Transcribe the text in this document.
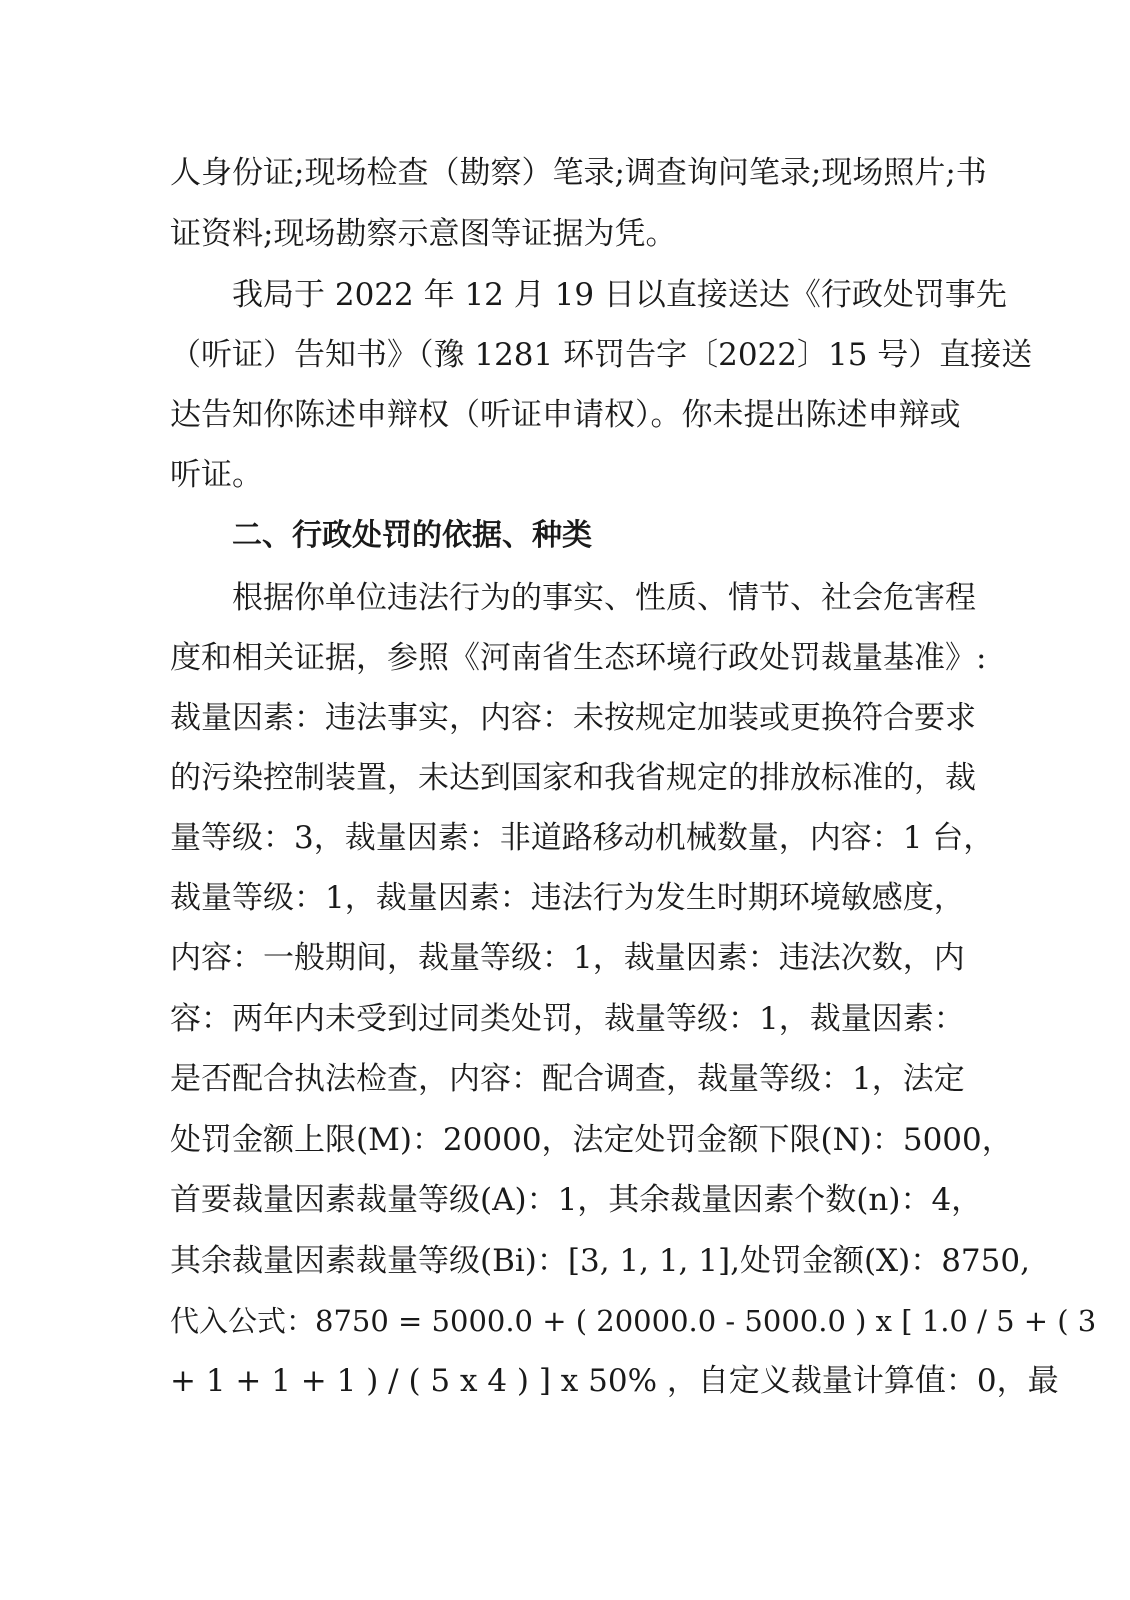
人身份证;现场检查（勘察）笔录;调查询问笔录;现场照片;书
证资料;现场勘察示意图等证据为凭。
我局于 2022 年 12 月 19 日以直接送达《行政处罚事先
（听证）告知书》（豫 1281 环罚告字〔2022〕15 号）直接送
达告知你陈述申辩权（听证申请权）。你未提出陈述申辩或
听证。
二、行政处罚的依据、种类
根据你单位违法行为的事实、性质、情节、社会危害程
度和相关证据，参照《河南省生态环境行政处罚裁量基准》:
裁量因素：违法事实，内容：未按规定加装或更换符合要求
的污染控制装置，未达到国家和我省规定的排放标准的，裁
量等级：3，裁量因素：非道路移动机械数量，内容：1 台，
裁量等级：1，裁量因素：违法行为发生时期环境敏感度，
内容：一般期间，裁量等级：1，裁量因素：违法次数，内
容：两年内未受到过同类处罚，裁量等级：1，裁量因素：
是否配合执法检查，内容：配合调查，裁量等级：1，法定
处罚金额上限(M)：20000，法定处罚金额下限(N)：5000，
首要裁量因素裁量等级(A)：1，其余裁量因素个数(n)：4，
其余裁量因素裁量等级(Bi)：[3, 1, 1, 1],处罚金额(X)：8750,
代入公式：8750 = 5000.0 + ( 20000.0 - 5000.0 ) x [ 1.0 / 5 + ( 3
+ 1 + 1 + 1 ) / ( 5 x 4 ) ] x 50% ，自定义裁量计算值：0，最
